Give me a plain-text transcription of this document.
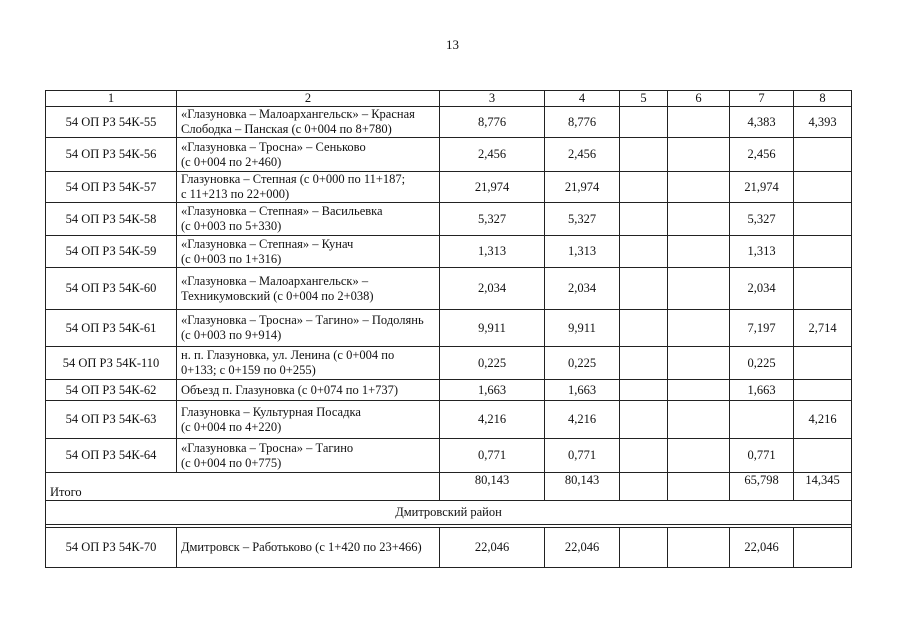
13
1	2	3	4	5	6	7	8
54 ОП РЗ 54К-55	«Глазуновка – Малоархангельск» – Красная
Слободка – Панская (с 0+004 по 8+780)	8,776	8,776			4,383	4,393
54 ОП РЗ 54К-56	«Глазуновка – Тросна» – Сеньково
(с 0+004 по 2+460)	2,456	2,456			2,456	
54 ОП РЗ 54К-57	Глазуновка – Степная (с 0+000 по 11+187;
с 11+213 по 22+000)	21,974	21,974			21,974	
54 ОП РЗ 54К-58	«Глазуновка – Степная» – Васильевка
(с 0+003 по 5+330)	5,327	5,327			5,327	
54 ОП РЗ 54К-59	«Глазуновка – Степная» – Кунач
(с 0+003 по 1+316)	1,313	1,313			1,313	
54 ОП РЗ 54К-60	«Глазуновка – Малоархангельск» –
Техникумовский (с 0+004 по 2+038)	2,034	2,034			2,034	
54 ОП РЗ 54К-61	«Глазуновка – Тросна» – Тагино» – Подолянь
(с 0+003 по 9+914)	9,911	9,911			7,197	2,714
54 ОП РЗ 54К-110	н. п. Глазуновка, ул. Ленина (с 0+004 по
0+133; с 0+159 по 0+255)	0,225	0,225			0,225	
54 ОП РЗ 54К-62	Объезд п. Глазуновка (с 0+074 по 1+737)	1,663	1,663			1,663	
54 ОП РЗ 54К-63	Глазуновка – Культурная Посадка
(с 0+004 по 4+220)	4,216	4,216				4,216
54 ОП РЗ 54К-64	«Глазуновка – Тросна» – Тагино
(с 0+004 по 0+775)	0,771	0,771			0,771	
Итого		80,143	80,143			65,798	14,345
Дмитровский район							

54 ОП РЗ 54К-70	Дмитровск – Работьково (с 1+420 по 23+466)	22,046	22,046			22,046	
